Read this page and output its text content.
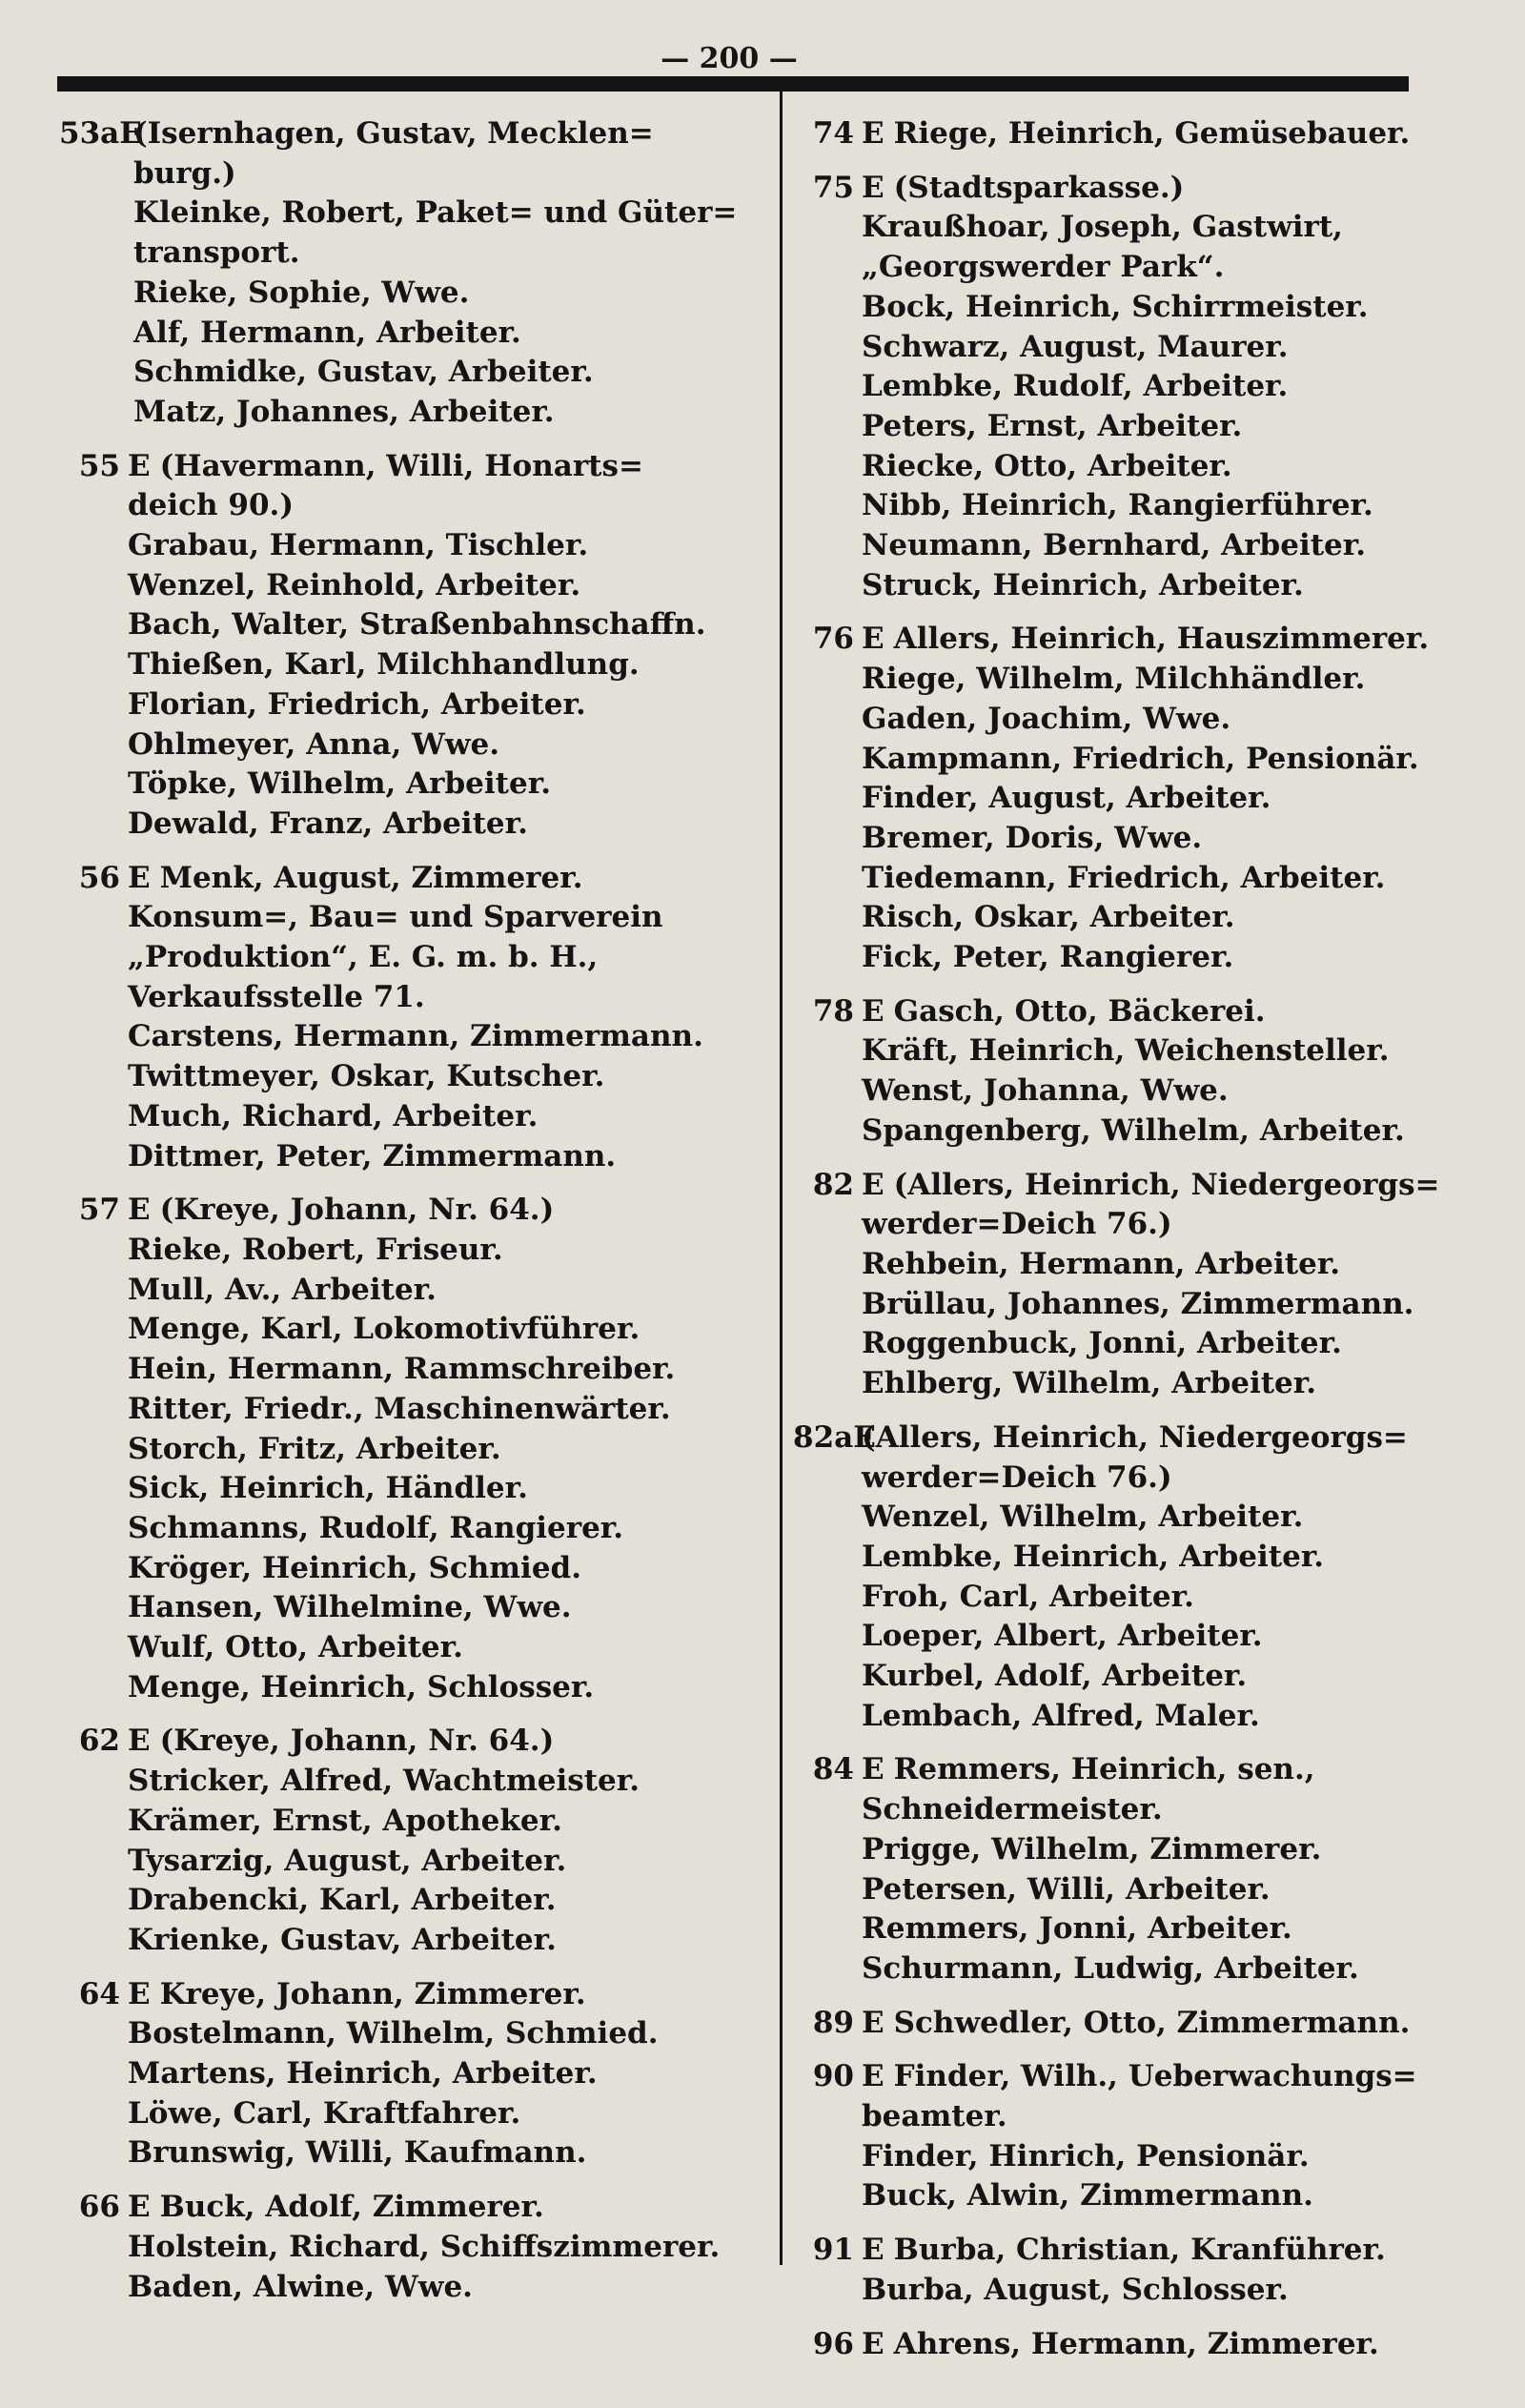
— 200 —
53aE
(Isernhagen, Gustav, Mecklen=
burg.)
Kleinke, Robert, Paket= und Güter=
transport.
Rieke, Sophie, Wwe.
Alf, Hermann, Arbeiter.
Schmidke, Gustav, Arbeiter.
Matz, Johannes, Arbeiter.
55 E (Havermann, Willi, Honarts=
deich 90.)
Grabau, Hermann, Tischler.
Wenzel, Reinhold, Arbeiter.
Bach, Walter, Straßenbahnschaffn.
Thießen, Karl, Milchhandlung.
Florian, Friedrich, Arbeiter.
Ohlmeyer, Anna, Wwe.
Töpke, Wilhelm, Arbeiter.
Dewald, Franz, Arbeiter.
56 E Menk, August, Zimmerer.
Konsum=, Bau= und Sparverein
„Produktion“, E. G. m. b. H.,
Verkaufsstelle 71.
Carstens, Hermann, Zimmermann.
Twittmeyer, Oskar, Kutscher.
Much, Richard, Arbeiter.
Dittmer, Peter, Zimmermann.
57 E (Kreye, Johann, Nr. 64.)
Rieke, Robert, Friseur.
Mull, Av., Arbeiter.
Menge, Karl, Lokomotivführer.
Hein, Hermann, Rammschreiber.
Ritter, Friedr., Maschinenwärter.
Storch, Fritz, Arbeiter.
Sick, Heinrich, Händler.
Schmanns, Rudolf, Rangierer.
Kröger, Heinrich, Schmied.
Hansen, Wilhelmine, Wwe.
Wulf, Otto, Arbeiter.
Menge, Heinrich, Schlosser.
62 E (Kreye, Johann, Nr. 64.)
Stricker, Alfred, Wachtmeister.
Krämer, Ernst, Apotheker.
Tysarzig, August, Arbeiter.
Drabencki, Karl, Arbeiter.
Krienke, Gustav, Arbeiter.
64 E Kreye, Johann, Zimmerer.
Bostelmann, Wilhelm, Schmied.
Martens, Heinrich, Arbeiter.
Löwe, Carl, Kraftfahrer.
Brunswig, Willi, Kaufmann.
66 E Buck, Adolf, Zimmerer.
Holstein, Richard, Schiffszimmerer.
Baden, Alwine, Wwe.
74 E Riege, Heinrich, Gemüsebauer.
75 E (Stadtsparkasse.)
Kraußhoar, Joseph, Gastwirt,
„Georgswerder Park“.
Bock, Heinrich, Schirrmeister.
Schwarz, August, Maurer.
Lembke, Rudolf, Arbeiter.
Peters, Ernst, Arbeiter.
Riecke, Otto, Arbeiter.
Nibb, Heinrich, Rangierführer.
Neumann, Bernhard, Arbeiter.
Struck, Heinrich, Arbeiter.
76 E Allers, Heinrich, Hauszimmerer.
Riege, Wilhelm, Milchhändler.
Gaden, Joachim, Wwe.
Kampmann, Friedrich, Pensionär.
Finder, August, Arbeiter.
Bremer, Doris, Wwe.
Tiedemann, Friedrich, Arbeiter.
Risch, Oskar, Arbeiter.
Fick, Peter, Rangierer.
78 E Gasch, Otto, Bäckerei.
Kräft, Heinrich, Weichensteller.
Wenst, Johanna, Wwe.
Spangenberg, Wilhelm, Arbeiter.
82 E (Allers, Heinrich, Niedergeorgs=
werder=Deich 76.)
Rehbein, Hermann, Arbeiter.
Brüllau, Johannes, Zimmermann.
Roggenbuck, Jonni, Arbeiter.
Ehlberg, Wilhelm, Arbeiter.
82aE
(Allers, Heinrich, Niedergeorgs=
werder=Deich 76.)
Wenzel, Wilhelm, Arbeiter.
Lembke, Heinrich, Arbeiter.
Froh, Carl, Arbeiter.
Loeper, Albert, Arbeiter.
Kurbel, Adolf, Arbeiter.
Lembach, Alfred, Maler.
84 E Remmers, Heinrich, sen.,
Schneidermeister.
Prigge, Wilhelm, Zimmerer.
Petersen, Willi, Arbeiter.
Remmers, Jonni, Arbeiter.
Schurmann, Ludwig, Arbeiter.
89 E Schwedler, Otto, Zimmermann.
90 E Finder, Wilh., Ueberwachungs=
beamter.
Finder, Hinrich, Pensionär.
Buck, Alwin, Zimmermann.
91 E Burba, Christian, Kranführer.
Burba, August, Schlosser.
96 E Ahrens, Hermann, Zimmerer.
